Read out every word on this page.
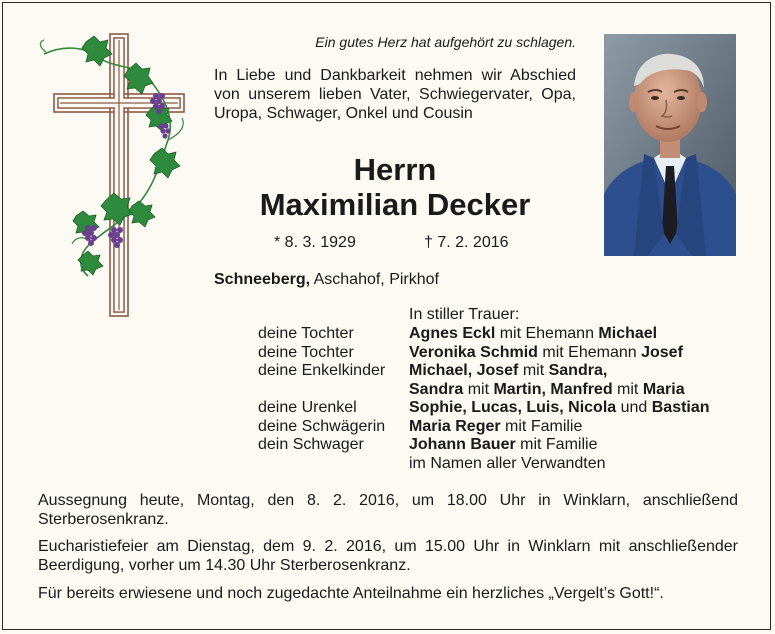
Ein gutes Herz hat aufgehört zu schlagen.
In Liebe und Dankbarkeit nehmen wir Abschied von unserem lieben Vater, Schwiegervater, Opa, Uropa, Schwager, Onkel und Cousin
Herrn
Maximilian Decker
* 8. 3. 1929	† 7. 2. 2016
Schneeberg, Aschahof, Pirkhof
In stiller Trauer:
deine Tochter	Agnes Eckl mit Ehemann Michael
deine Tochter	Veronika Schmid mit Ehemann Josef
deine Enkelkinder	Michael, Josef mit Sandra,
Sandra mit Martin, Manfred mit Maria
deine Urenkel	Sophie, Lucas, Luis, Nicola und Bastian
deine Schwägerin	Maria Reger mit Familie
dein Schwager	Johann Bauer mit Familie
im Namen aller Verwandten
Aussegnung heute, Montag, den 8. 2. 2016, um 18.00 Uhr in Winklarn, anschließend Sterberosenkranz.
Eucharistiefeier am Dienstag, dem 9. 2. 2016, um 15.00 Uhr in Winklarn mit anschließender Beerdigung, vorher um 14.30 Uhr Sterberosenkranz.
Für bereits erwiesene und noch zugedachte Anteilnahme ein herzliches „Vergelt’s Gott!“.
